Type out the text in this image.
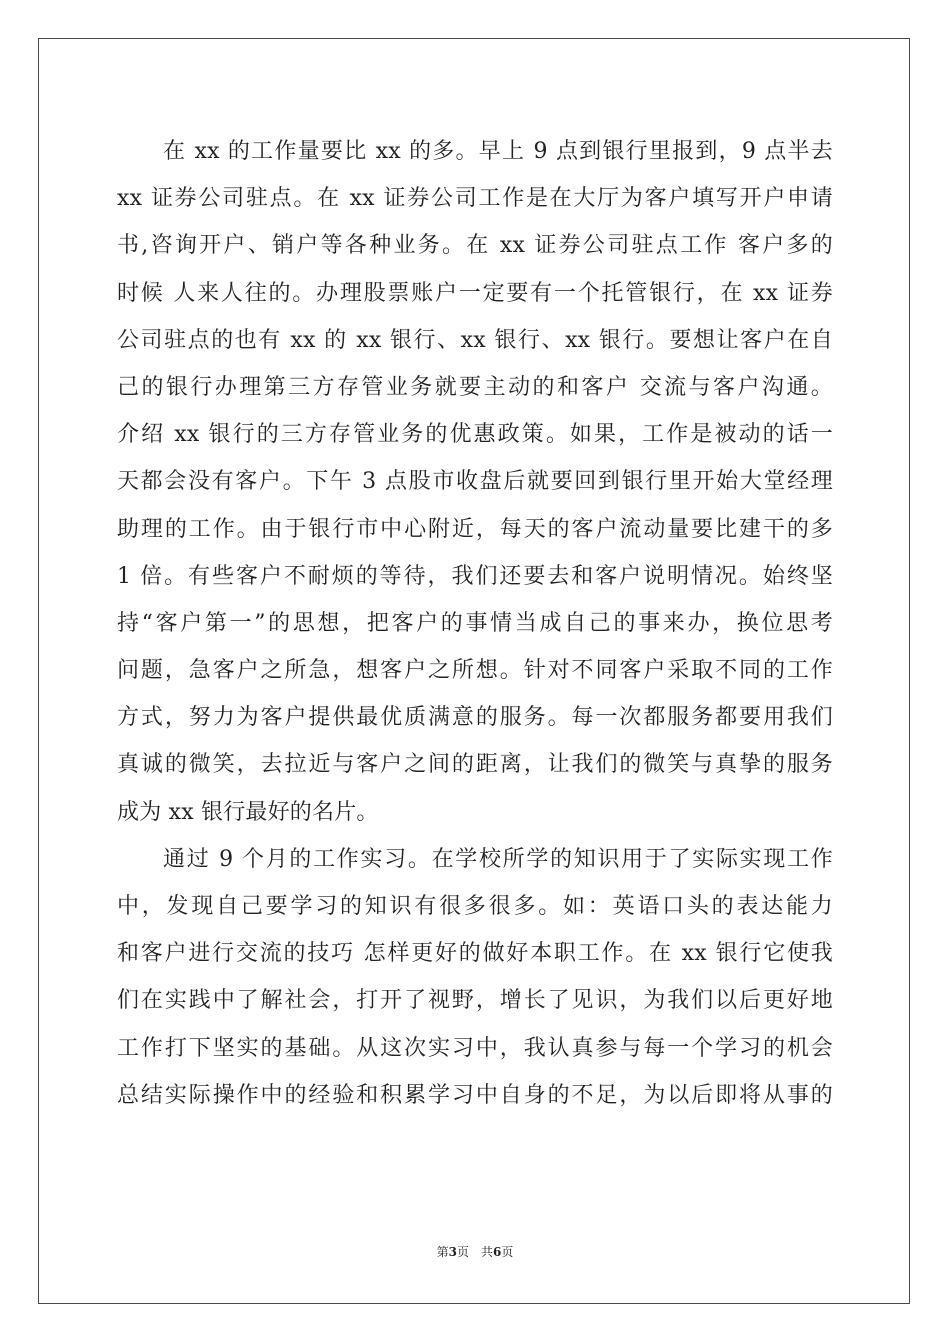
在 xx 的工作量要比 xx 的多。早上 9 点到银行里报到，9 点半去
xx 证券公司驻点。在 xx 证券公司工作是在大厅为客户填写开户申请
书,咨询开户、销户等各种业务。在 xx 证券公司驻点工作 客户多的
时候 人来人往的。办理股票账户一定要有一个托管银行，在 xx 证券
公司驻点的也有 xx 的 xx 银行、xx 银行、xx 银行。要想让客户在自
己的银行办理第三方存管业务就要主动的和客户 交流与客户沟通。
介绍 xx 银行的三方存管业务的优惠政策。如果，工作是被动的话一
天都会没有客户。下午 3 点股市收盘后就要回到银行里开始大堂经理
助理的工作。由于银行市中心附近，每天的客户流动量要比建干的多
1 倍。有些客户不耐烦的等待，我们还要去和客户说明情况。始终坚
持“客户第一”的思想，把客户的事情当成自己的事来办，换位思考
问题，急客户之所急，想客户之所想。针对不同客户采取不同的工作
方式，努力为客户提供最优质满意的服务。每一次都服务都要用我们
真诚的微笑，去拉近与客户之间的距离，让我们的微笑与真挚的服务
成为 xx 银行最好的名片。
通过 9 个月的工作实习。在学校所学的知识用于了实际实现工作
中，发现自己要学习的知识有很多很多。如：英语口头的表达能力
和客户进行交流的技巧 怎样更好的做好本职工作。在 xx 银行它使我
们在实践中了解社会，打开了视野，增长了见识，为我们以后更好地
工作打下坚实的基础。从这次实习中，我认真参与每一个学习的机会
总结实际操作中的经验和积累学习中自身的不足，为以后即将从事的
第3页 共6页
